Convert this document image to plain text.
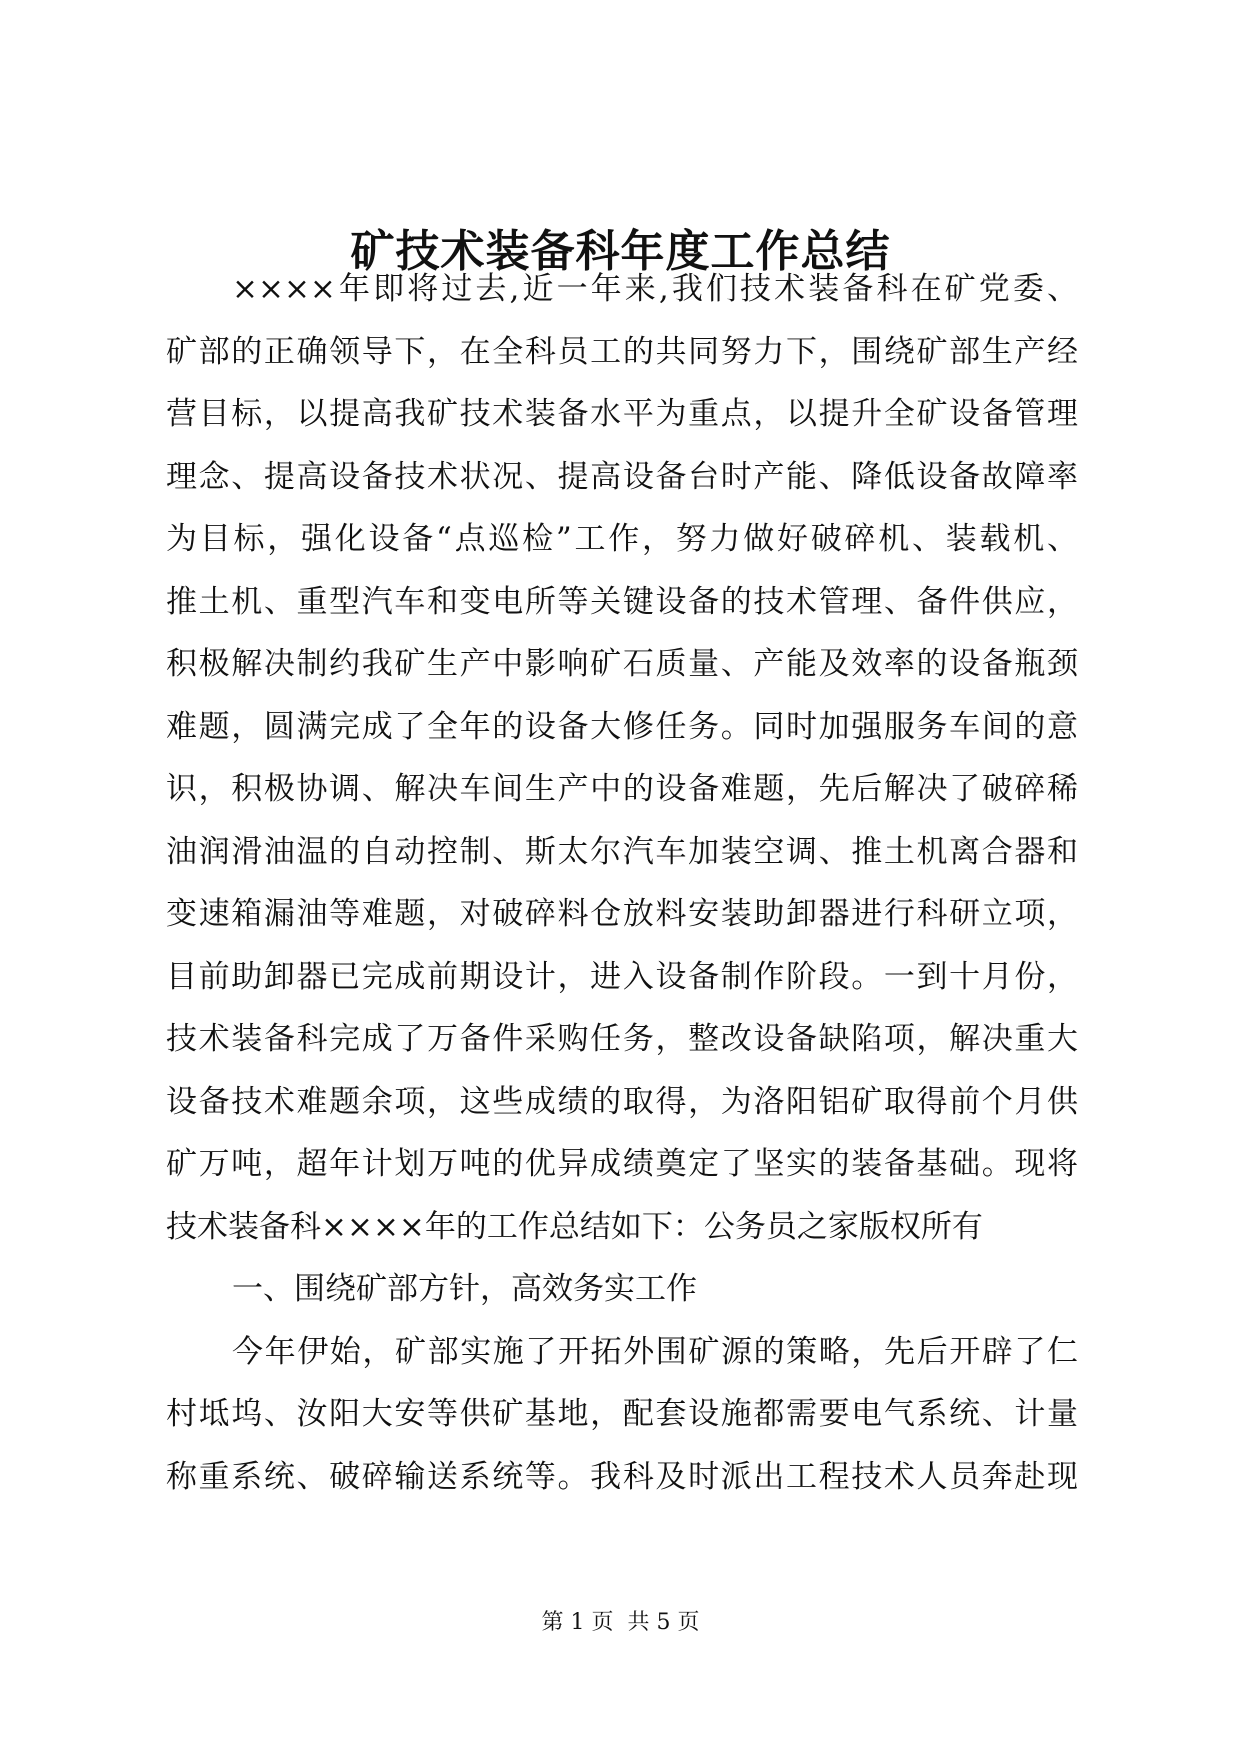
矿技术装备科年度工作总结
××××年即将过去,近一年来,我们技术装备科在矿党委、
矿部的正确领导下，在全科员工的共同努力下，围绕矿部生产经
营目标，以提高我矿技术装备水平为重点，以提升全矿设备管理
理念、提高设备技术状况、提高设备台时产能、降低设备故障率
为目标，强化设备“点巡检”工作，努力做好破碎机、装载机、
推土机、重型汽车和变电所等关键设备的技术管理、备件供应，
积极解决制约我矿生产中影响矿石质量、产能及效率的设备瓶颈
难题，圆满完成了全年的设备大修任务。同时加强服务车间的意
识，积极协调、解决车间生产中的设备难题，先后解决了破碎稀
油润滑油温的自动控制、斯太尔汽车加装空调、推土机离合器和
变速箱漏油等难题，对破碎料仓放料安装助卸器进行科研立项，
目前助卸器已完成前期设计，进入设备制作阶段。一到十月份，
技术装备科完成了万备件采购任务，整改设备缺陷项，解决重大
设备技术难题余项，这些成绩的取得，为洛阳铝矿取得前个月供
矿万吨，超年计划万吨的优异成绩奠定了坚实的装备基础。现将
技术装备科××××年的工作总结如下：公务员之家版权所有
一、围绕矿部方针，高效务实工作
今年伊始，矿部实施了开拓外围矿源的策略，先后开辟了仁
村坻坞、汝阳大安等供矿基地，配套设施都需要电气系统、计量
称重系统、破碎输送系统等。我科及时派出工程技术人员奔赴现
第 1 页  共 5 页
